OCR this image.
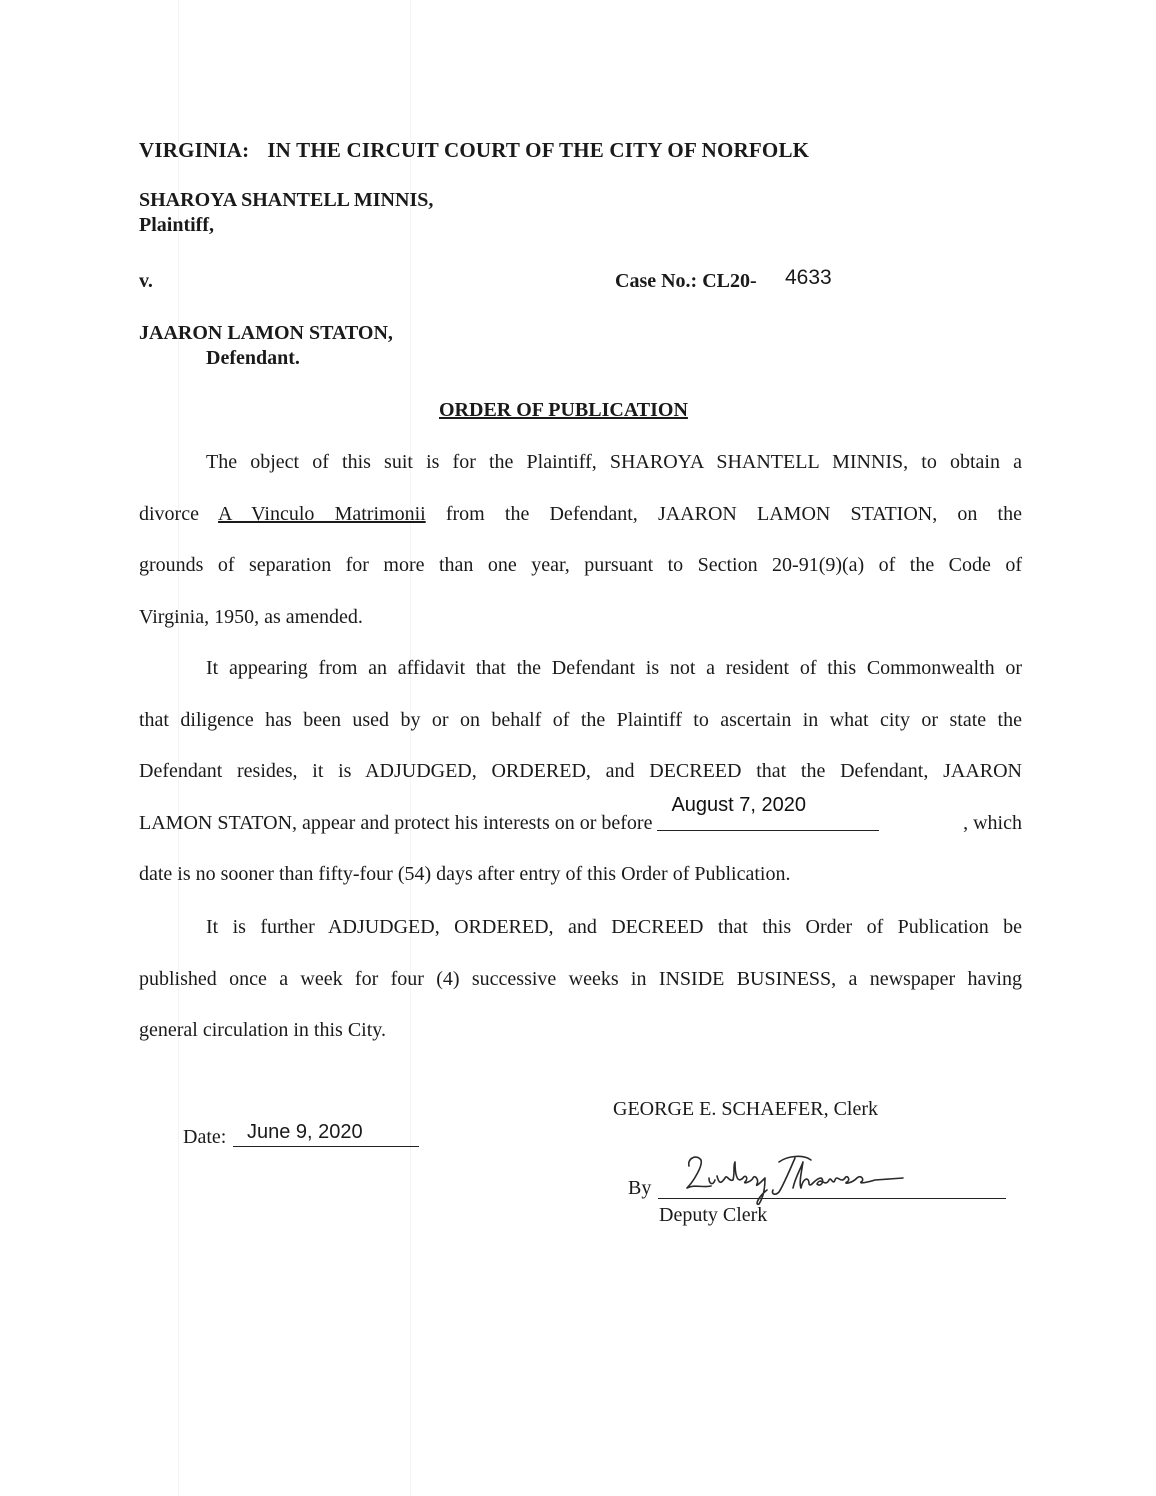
VIRGINIA: IN THE CIRCUIT COURT OF THE CITY OF NORFOLK
SHAROYA SHANTELL MINNIS,
Plaintiff,
v.	Case No.: CL20- 4633
JAARON LAMON STATON,
Defendant.
ORDER OF PUBLICATION

The object of this suit is for the Plaintiff, SHAROYA SHANTELL MINNIS, to obtain a

divorce A Vinculo Matrimonii from the Defendant, JAARON LAMON STATION, on the
grounds of separation for more than one year, pursuant to Section 20-91(9)(a) of the Code of
Virginia, 1950, as amended.

It appearing from an affidavit that the Defendant is not a resident of this Commonwealth or

that diligence has been used by or on behalf of the Plaintiff to ascertain in what city or state the
Defendant resides, it is ADJUDGED, ORDERED, and DECREED that the Defendant, JAARON
LAMON STATON, appear and protect his interests on or before
August 7, 2020
, which
date is no sooner than fifty-four (54) days after entry of this Order of Publication.

It is further ADJUDGED, ORDERED, and DECREED that this Order of Publication be

published once a week for four (4) successive weeks in INSIDE BUSINESS, a newspaper having
general circulation in this City.
GEORGE E. SCHAEFER, Clerk
Date: June 9, 2020
By
Deputy Clerk
